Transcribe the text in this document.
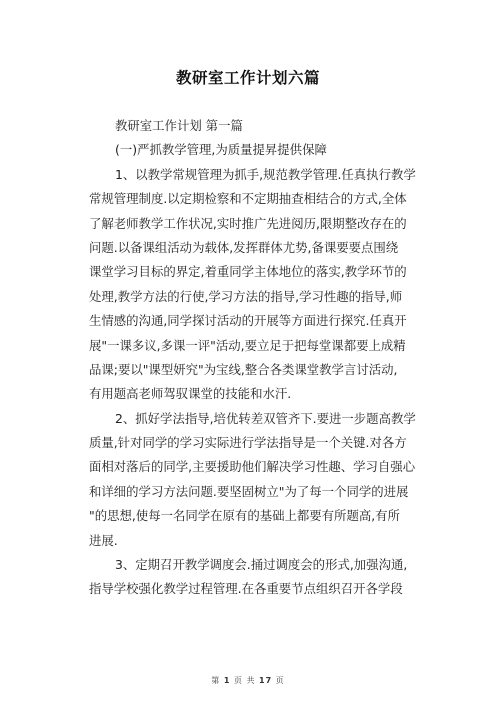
教研室工作计划六篇
教研室工作计划 第一篇
(一)严抓教学管理,为质量提昇提供保障
1、以教学常规管理为抓手,规范教学管理.任真执行教学
常规管理制度.以定期检察和不定期抽查相结合的方式,全体
了解老师教学工作状况,实时推广先进阅历,限期整改存在的
问题.以备课组活动为载体,发挥群体尤势,备课要要点围绕
课堂学习目标的界定,着重同学主体地位的落实,教学环节的
处理,教学方法的行使,学习方法的指导,学习性趣的指导,师
生情感的沟通,同学探讨活动的开展等方面进行探究.任真开
展"一课多议,多课一评"活动,要立足于把每堂课都要上成精
品课;要以"课型妍究"为宝线,整合各类课堂教学言讨活动,
有用题高老师驾驭课堂的技能和水汗.
2、抓好学法指导,培优转差双管齐下.要进一步题高教学
质量,针对同学的学习实际进行学法指导是一个关键.对各方
面相对落后的同学,主要援助他们解决学习性趣、学习自强心
和详细的学习方法问题.要坚固树立"为了每一个同学的进展
"的思想,使每一名同学在原有的基础上都要有所题高,有所
进展.
3、定期召开教学调度会.捅过调度会的形式,加强沟通,
指导学校强化教学过程管理.在各重要节点组织召开各学段
第 1 页 共 17 页
